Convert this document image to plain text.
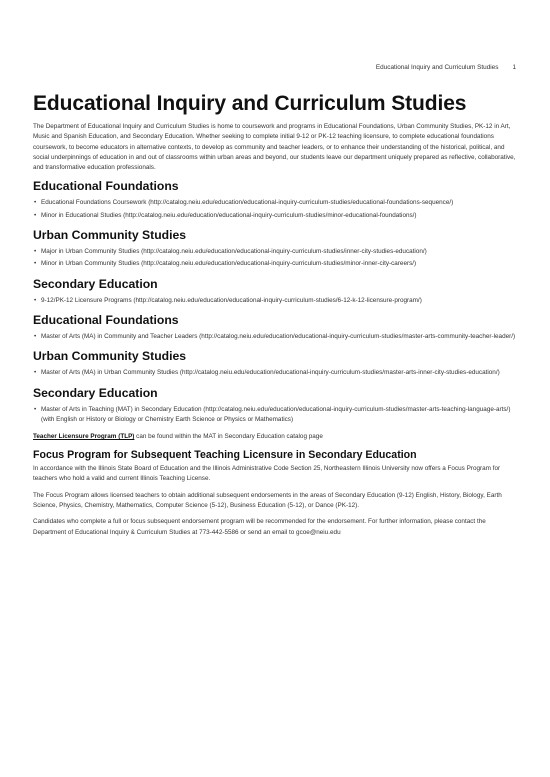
Educational Inquiry and Curriculum Studies 1
Educational Inquiry and Curriculum Studies

The Department of Educational Inquiry and Curriculum Studies is home to coursework and programs in Educational Foundations, Urban Community Studies, PK-12 in Art, Music and Spanish Education, and Secondary Education. Whether seeking to complete initial 9-12 or PK-12 teaching licensure, to complete educational foundations coursework, to become educators in alternative contexts, to develop as community and teacher leaders, or to enhance their understanding of the historical, political, and social underpinnings of education in and out of classrooms within urban areas and beyond, our students leave our department uniquely prepared as reflective, collaborative, and transformative education professionals.

Educational Foundations
• Educational Foundations Coursework (http://catalog.neiu.edu/education/educational-inquiry-curriculum-studies/educational-foundations-sequence/)
• Minor in Educational Studies (http://catalog.neiu.edu/education/educational-inquiry-curriculum-studies/minor-educational-foundations/)
Urban Community Studies
• Major in Urban Community Studies (http://catalog.neiu.edu/education/educational-inquiry-curriculum-studies/inner-city-studies-education/)
• Minor in Urban Community Studies (http://catalog.neiu.edu/education/educational-inquiry-curriculum-studies/minor-inner-city-careers/)
Secondary Education
• 9-12/PK-12 Licensure Programs (http://catalog.neiu.edu/education/educational-inquiry-curriculum-studies/6-12-k-12-licensure-program/)
Educational Foundations
• Master of Arts (MA) in Community and Teacher Leaders (http://catalog.neiu.edu/education/educational-inquiry-curriculum-studies/master-arts-community-teacher-leader/)
Urban Community Studies
• Master of Arts (MA) in Urban Community Studies (http://catalog.neiu.edu/education/educational-inquiry-curriculum-studies/master-arts-inner-city-studies-education/)
Secondary Education
• Master of Arts in Teaching (MAT) in Secondary Education (http://catalog.neiu.edu/education/educational-inquiry-curriculum-studies/master-arts-teaching-language-arts/) (with English or History or Biology or Chemistry Earth Science or Physics or Mathematics)
Teacher Licensure Program (TLP) can be found within the MAT in Secondary Education catalog page
Focus Program for Subsequent Teaching Licensure in Secondary Education

In accordance with the Illinois State Board of Education and the Illinois Administrative Code Section 25, Northeastern Illinois University now offers a Focus Program for teachers who hold a valid and current Illinois Teaching License.

The Focus Program allows licensed teachers to obtain additional subsequent endorsements in the areas of Secondary Education (9-12) English, History, Biology, Earth Science, Physics, Chemistry, Mathematics, Computer Science (5-12), Business Education (5-12), or Dance (PK-12).

Candidates who complete a full or focus subsequent endorsement program will be recommended for the endorsement. For further information, please contact the Department of Educational Inquiry & Curriculum Studies at 773-442-5586 or send an email to gcoe@neiu.edu
